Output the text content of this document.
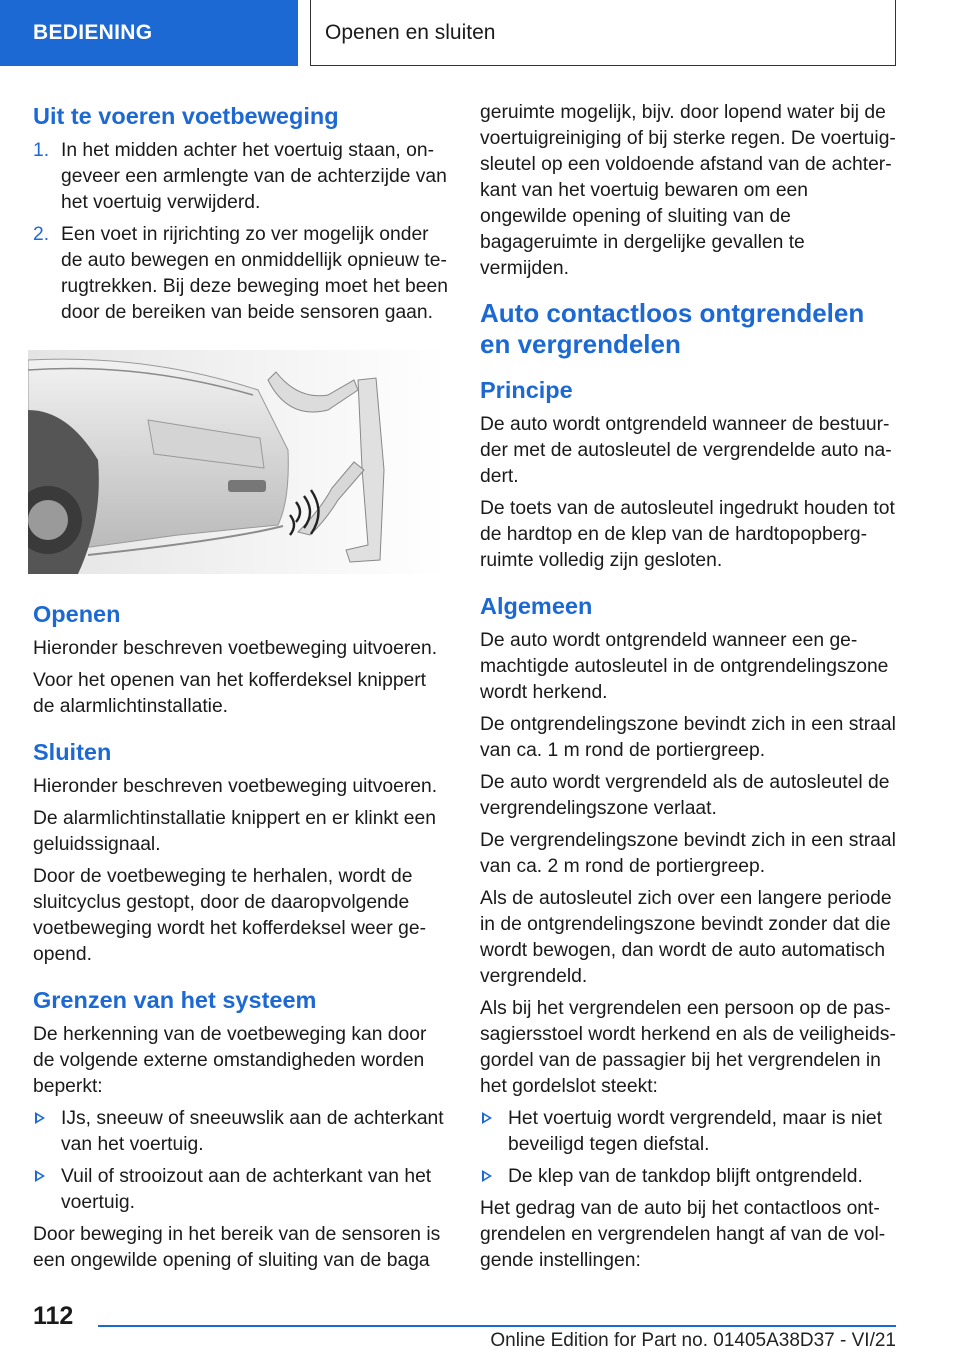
BEDIENING	Openen en sluiten
Uit te voeren voetbeweging
1. In het midden achter het voertuig staan, ongeveer een armlengte van de achterzijde van het voertuig verwijderd.
2. Een voet in rijrichting zo ver mogelijk onder de auto bewegen en onmiddellijk opnieuw terugtrekken. Bij deze beweging moet het been door de bereiken van beide sensoren gaan.
Openen

Hieronder beschreven voetbeweging uitvoeren.

Voor het openen van het kofferdeksel knippert de alarmlichtinstallatie.

Sluiten

Hieronder beschreven voetbeweging uitvoeren.

De alarmlichtinstallatie knippert en er klinkt een geluidssignaal.

Door de voetbeweging te herhalen, wordt de sluitcyclus gestopt, door de daaropvolgende voetbeweging wordt het kofferdeksel weer geopend.

Grenzen van het systeem

De herkenning van de voetbeweging kan door de volgende externe omstandigheden worden beperkt:

IJs, sneeuw of sneeuwslik aan de achterkant van het voertuig.
Vuil of strooizout aan de achterkant van het voertuig.

Door beweging in het bereik van de sensoren is een ongewilde opening of sluiting van de baga

geruimte mogelijk, bijv. door lopend water bij de voertuigreiniging of bij sterke regen. De voertuigsleutel op een voldoende afstand van de achterkant van het voertuig bewaren om een ongewilde opening of sluiting van de bagageruimte in dergelijke gevallen te vermijden.

Auto contactloos ontgrendelen en vergrendelen
Principe

De auto wordt ontgrendeld wanneer de bestuurder met de autosleutel de vergrendelde auto nadert.

De toets van de autosleutel ingedrukt houden tot de hardtop en de klep van de hardtopopbergruimte volledig zijn gesloten.

Algemeen

De auto wordt ontgrendeld wanneer een gemachtigde autosleutel in de ontgrendelingszone wordt herkend.

De ontgrendelingszone bevindt zich in een straal van ca. 1 m rond de portiergreep.

De auto wordt vergrendeld als de autosleutel de vergrendelingszone verlaat.

De vergrendelingszone bevindt zich in een straal van ca. 2 m rond de portiergreep.

Als de autosleutel zich over een langere periode in de ontgrendelingszone bevindt zonder dat die wordt bewogen, dan wordt de auto automatisch vergrendeld.

Als bij het vergrendelen een persoon op de passagiersstoel wordt herkend en als de veiligheidsgordel van de passagier bij het vergrendelen in het gordelslot steekt:

Het voertuig wordt vergrendeld, maar is niet beveiligd tegen diefstal.
De klep van de tankdop blijft ontgrendeld.

Het gedrag van de auto bij het contactloos ontgrendelen en vergrendelen hangt af van de volgende instellingen:

112
Online Edition for Part no. 01405A38D37 - VI/21
